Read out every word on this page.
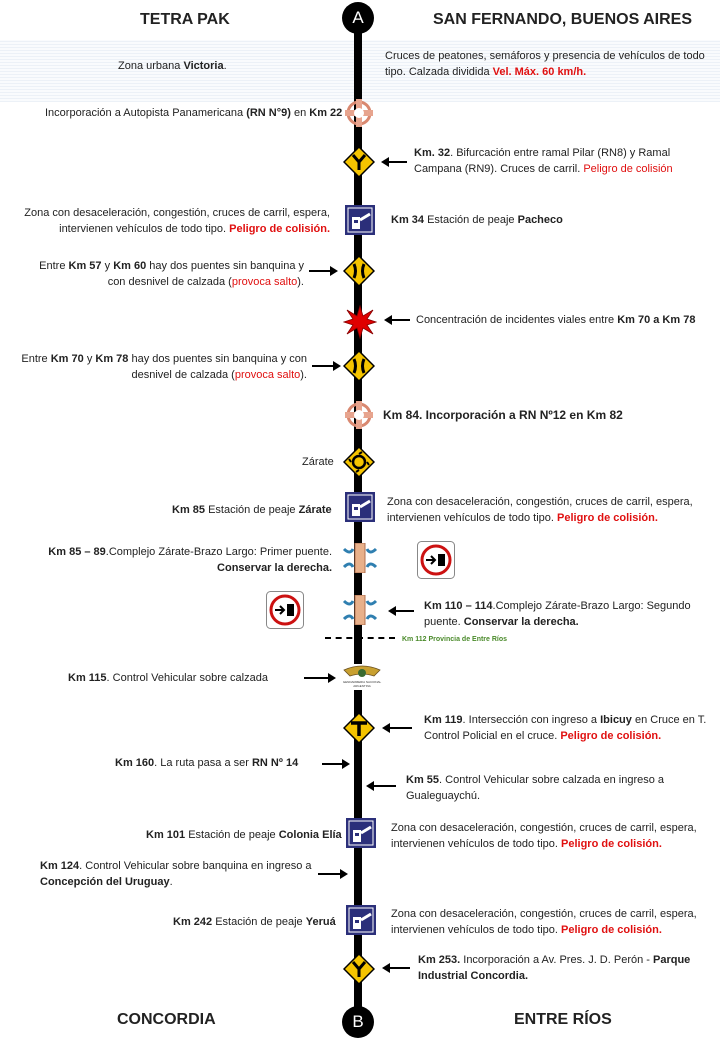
TETRA PAK	SAN FERNANDO, BUENOS AIRES
A
Zona urbana Victoria.
Cruces de peatones, semáforos y presencia de vehículos de todo tipo. Calzada dividida Vel. Máx. 60 km/h.
Incorporación a Autopista Panamericana (RN N°9) en Km 22
Km. 32. Bifurcación entre ramal Pilar (RN8) y Ramal Campana (RN9). Cruces de carril. Peligro de colisión
Zona con desaceleración, congestión, cruces de carril, espera, intervienen vehículos de todo tipo. Peligro de colisión.
Km 34 Estación de peaje Pacheco
Entre Km 57 y Km 60 hay dos puentes sin banquina y con desnivel de calzada (provoca salto).
Concentración de incidentes viales entre Km 70 a Km 78
Entre Km 70 y Km 78 hay dos puentes sin banquina y con desnivel de calzada (provoca salto).
Km 84. Incorporación a RN Nº12 en Km 82
Zárate
Km 85 Estación de peaje Zárate
Zona con desaceleración, congestión, cruces de carril, espera, intervienen vehículos de todo tipo. Peligro de colisión.
Km 85 – 89.Complejo Zárate-Brazo Largo: Primer puente. Conservar la derecha.
Km 110 – 114.Complejo Zárate-Brazo Largo: Segundo puente. Conservar la derecha.
Km 112 Provincia de Entre Ríos
Km 115. Control Vehicular sobre calzada	GENDARMERIA NACIONAL ARGENTINA
Km 119. Intersección con ingreso a Ibicuy en Cruce en T. Control Policial en el cruce. Peligro de colisión.
Km 160. La ruta pasa a ser RN Nº 14
Km 55. Control Vehicular sobre calzada en ingreso a Gualeguaychú.
Km 101 Estación de peaje Colonia Elía
Zona con desaceleración, congestión, cruces de carril, espera, intervienen vehículos de todo tipo. Peligro de colisión.
Km 124. Control Vehicular sobre banquina en ingreso a Concepción del Uruguay.
Km 242 Estación de peaje Yeruá
Zona con desaceleración, congestión, cruces de carril, espera, intervienen vehículos de todo tipo. Peligro de colisión.
Km 253. Incorporación a Av. Pres. J. D. Perón - Parque Industrial Concordia.
CONCORDIA	ENTRE RÍOS
B
